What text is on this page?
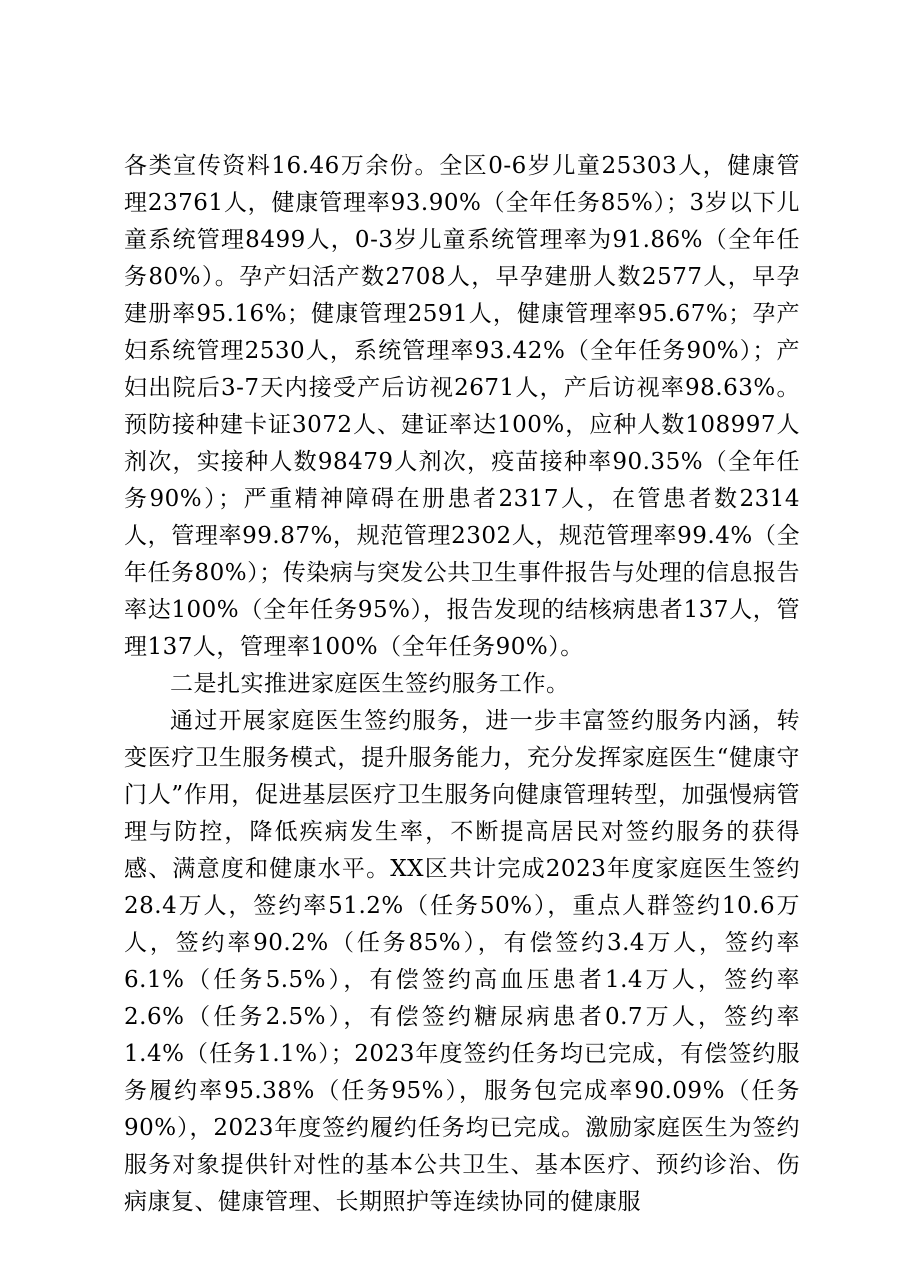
各类宣传资料16.46万余份。全区0-6岁儿童25303人，健康管理23761人，健康管理率93.90%（全年任务85%）；3岁以下儿童系统管理8499人，0-3岁儿童系统管理率为91.86%（全年任务80%）。孕产妇活产数2708人，早孕建册人数2577人，早孕建册率95.16%；健康管理2591人，健康管理率95.67%；孕产妇系统管理2530人，系统管理率93.42%（全年任务90%）；产妇出院后3-7天内接受产后访视2671人，产后访视率98.63%。预防接种建卡证3072人、建证率达100%，应种人数108997人剂次，实接种人数98479人剂次，疫苗接种率90.35%（全年任务90%）；严重精神障碍在册患者2317人，在管患者数2314人，管理率99.87%，规范管理2302人，规范管理率99.4%（全年任务80%）；传染病与突发公共卫生事件报告与处理的信息报告率达100%（全年任务95%），报告发现的结核病患者137人，管理137人，管理率100%（全年任务90%）。

二是扎实推进家庭医生签约服务工作。

通过开展家庭医生签约服务，进一步丰富签约服务内涵，转变医疗卫生服务模式，提升服务能力，充分发挥家庭医生“健康守门人”作用，促进基层医疗卫生服务向健康管理转型，加强慢病管理与防控，降低疾病发生率，不断提高居民对签约服务的获得感、满意度和健康水平。XX区共计完成2023年度家庭医生签约28.4万人，签约率51.2%（任务50%），重点人群签约10.6万人，签约率90.2%（任务85%），有偿签约3.4万人，签约率6.1%（任务5.5%），有偿签约高血压患者1.4万人，签约率2.6%（任务2.5%），有偿签约糖尿病患者0.7万人，签约率1.4%（任务1.1%）；2023年度签约任务均已完成，有偿签约服务履约率95.38%（任务95%），服务包完成率90.09%（任务90%），2023年度签约履约任务均已完成。激励家庭医生为签约服务对象提供针对性的基本公共卫生、基本医疗、预约诊治、伤病康复、健康管理、长期照护等连续协同的健康服
